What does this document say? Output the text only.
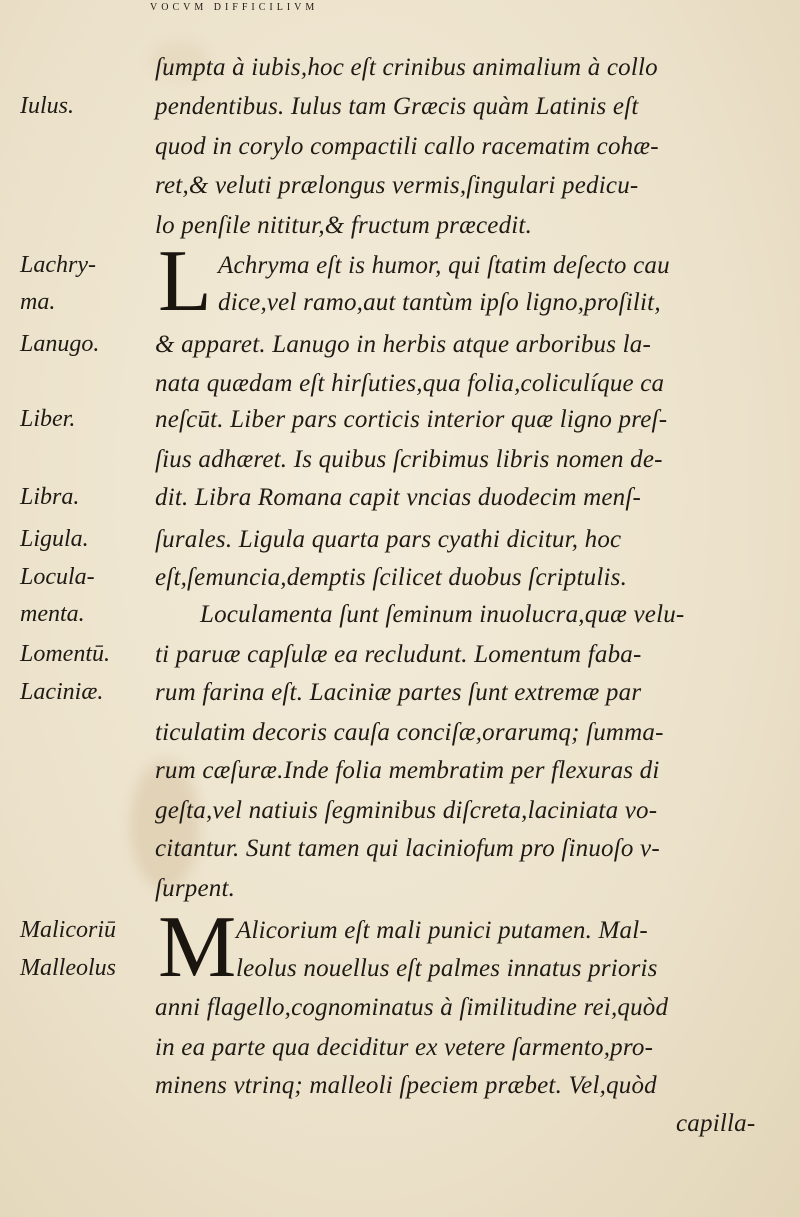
VOCVM DIFFICILIVM
Iulus.
Lachry-
ma.
Lanugo.
Liber.
Libra.
Ligula.
Locula-
menta.
Lomentū.
Laciniæ.
Malicoriū
Malleolus
L
M
ſumpta à iubis,hoc eſt crinibus animalium à collo
pendentibus. Iulus tam Græcis quàm Latinis eſt
quod in corylo compactili callo racematim cohæ-
ret,& veluti prælongus vermis,ſingulari pedicu-
lo penſile nititur,& fructum præcedit.
Achryma eſt is humor, qui ſtatim deſecto cau
dice,vel ramo,aut tantùm ipſo ligno,proſilit,
& apparet. Lanugo in herbis atque arboribus la-
nata quædam eſt hirſuties,qua folia,coliculíque ca
neſcūt. Liber pars corticis interior quæ ligno preſ-
ſius adhæret. Is quibus ſcribimus libris nomen de-
dit. Libra Romana capit vncias duodecim menſ-
ſurales. Ligula quarta pars cyathi dicitur, hoc
eſt,ſemuncia,demptis ſcilicet duobus ſcriptulis.
Loculamenta ſunt ſeminum inuolucra,quæ velu-
ti paruæ capſulæ ea recludunt. Lomentum faba-
rum farina eſt. Laciniæ partes ſunt extremæ par
ticulatim decoris cauſa conciſæ,orarumq; ſumma-
rum cæſuræ.Inde folia membratim per flexuras di
geſta,vel natiuis ſegminibus diſcreta,laciniata vo-
citantur. Sunt tamen qui laciniofum pro ſinuoſo v-
ſurpent.
Alicorium eſt mali punici putamen. Mal-
leolus nouellus eſt palmes innatus prioris
anni flagello,cognominatus à ſimilitudine rei,quòd
in ea parte qua deciditur ex vetere ſarmento,pro-
minens vtrinq; malleoli ſpeciem præbet. Vel,quòd
capilla-
